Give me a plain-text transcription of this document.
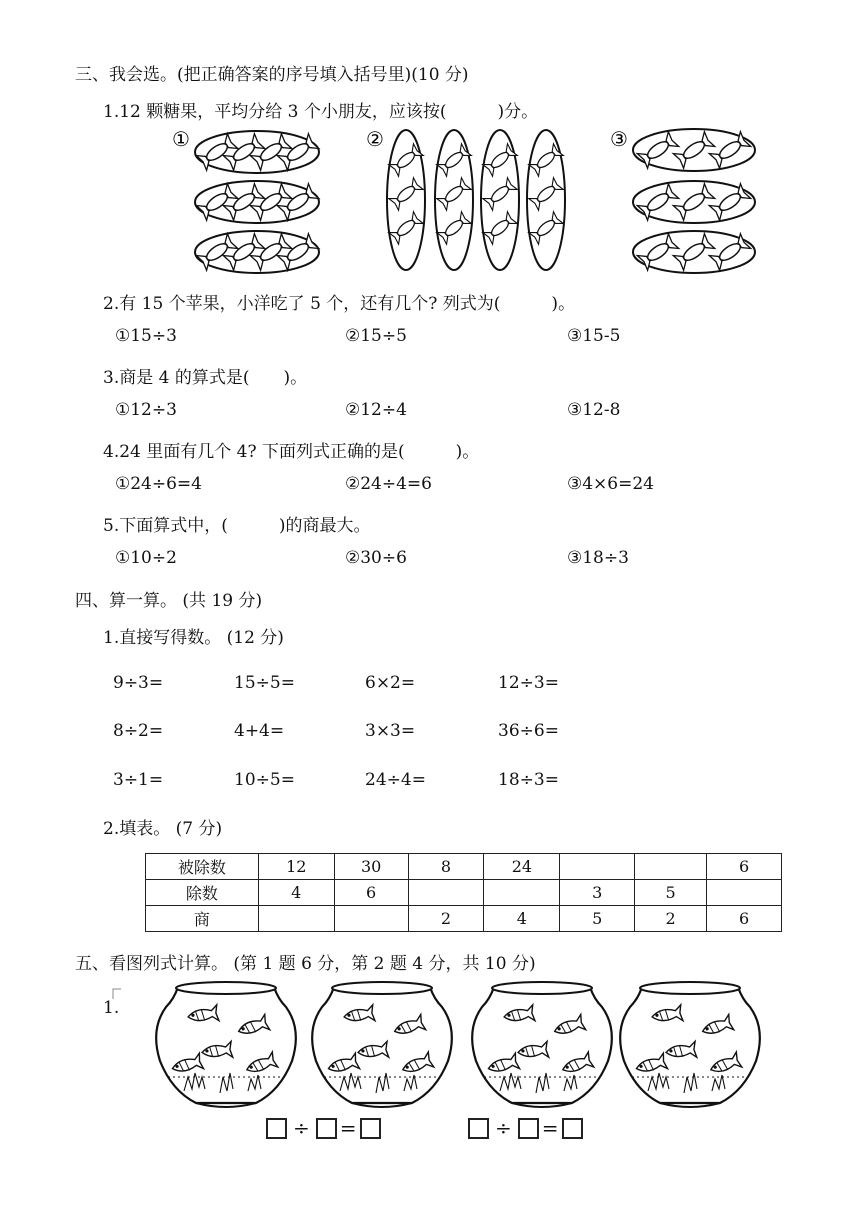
三、我会选。(把正确答案的序号填入括号里)(10 分)
1.12 颗糖果，平均分给 3 个小朋友，应该按(　　　)分。
①	②	③
2.有 15 个苹果，小洋吃了 5 个，还有几个? 列式为(　　　)。
①15÷3	②15÷5	③15-5
3.商是 4 的算式是(　　)。
①12÷3	②12÷4	③12-8
4.24 里面有几个 4? 下面列式正确的是(　　　)。
①24÷6=4	②24÷4=6	③4×6=24
5.下面算式中，(　　　)的商最大。
①10÷2	②30÷6	③18÷3
四、算一算。 (共 19 分)
1.直接写得数。 (12 分)
9÷3=	15÷5=	6×2=	12÷3=
8÷2=	4+4=	3×3=	36÷6=
3÷1=	10÷5=	24÷4=	18÷3=
2.填表。 (7 分)
被除数	12	30	8	24			6
除数	4	6			3	5	
商			2	4	5	2	6
五、看图列式计算。 (第 1 题 6 分，第 2 题 4 分，共 10 分)
1.
÷ =	÷ =
